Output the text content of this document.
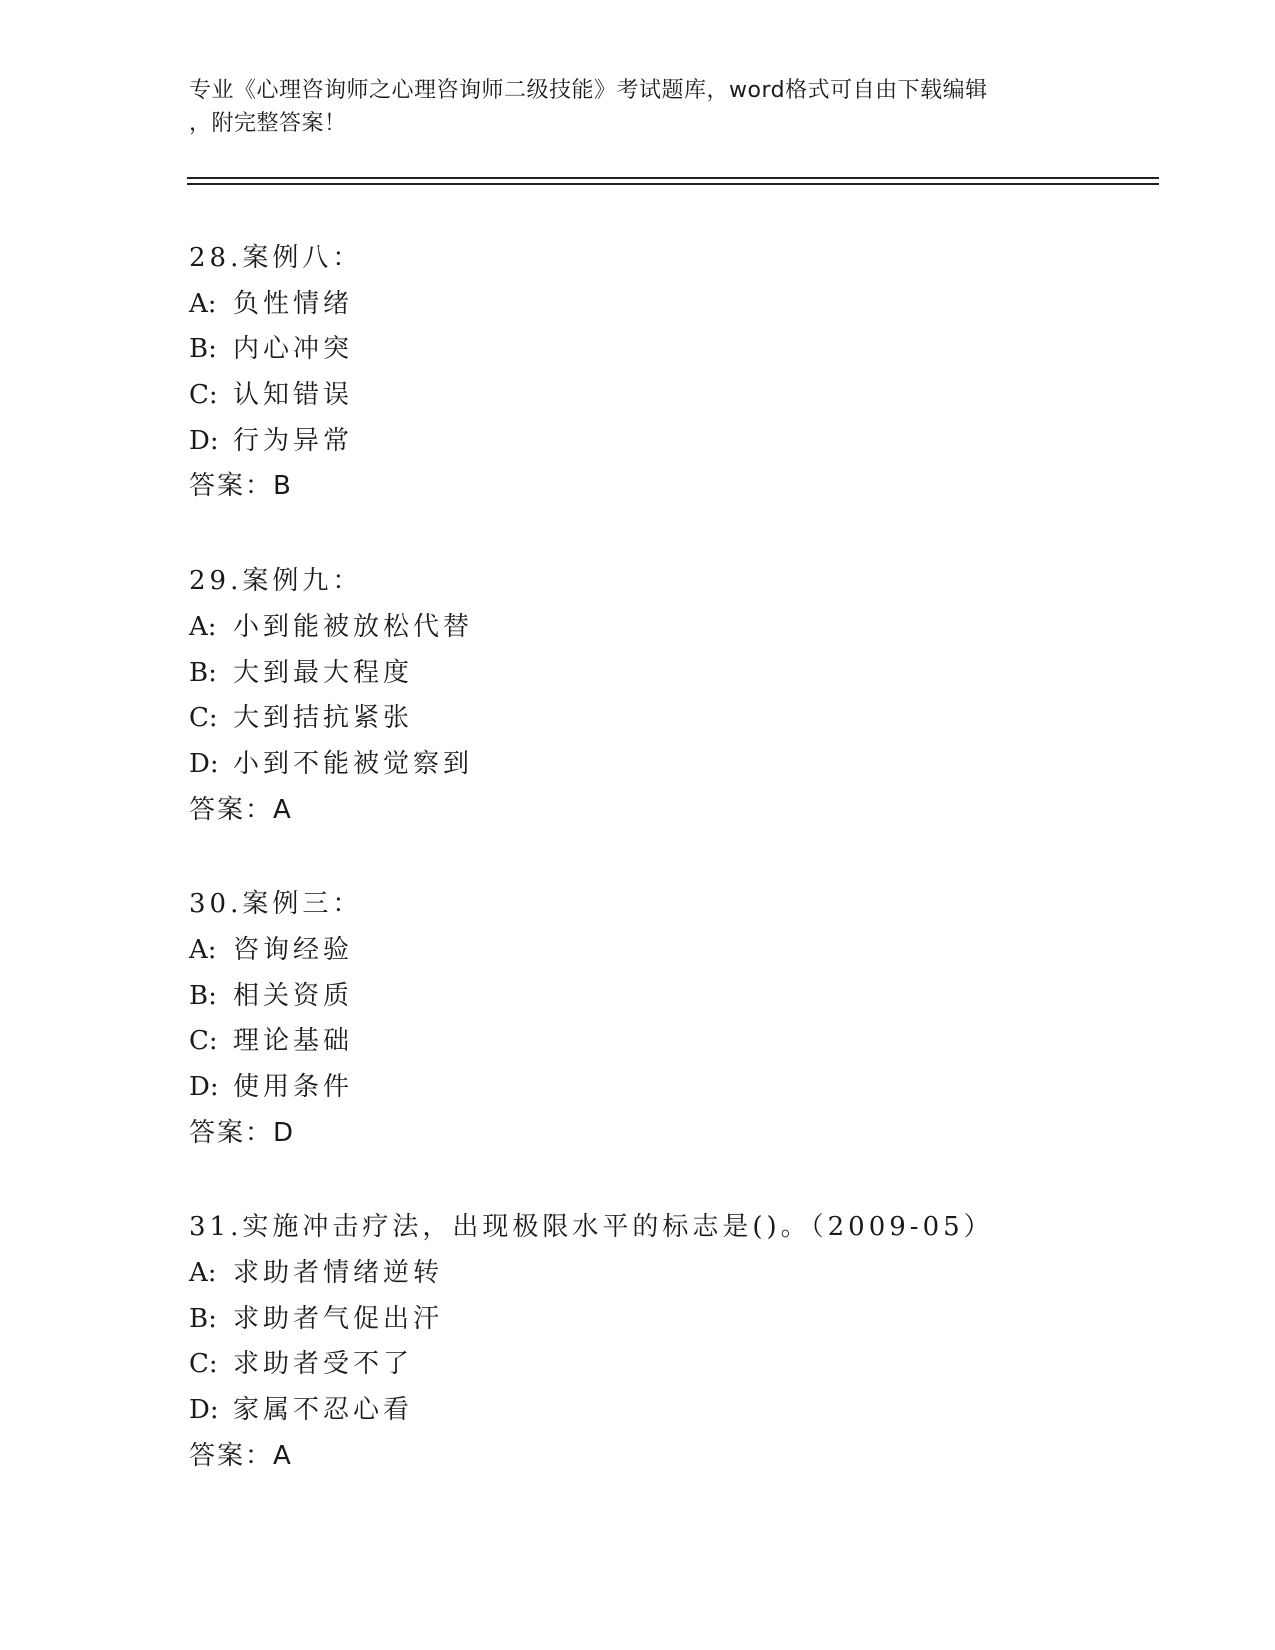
专业《心理咨询师之心理咨询师二级技能》考试题库，word格式可自由下载编辑
，附完整答案！
28.案例八：
A: 负性情绪
B: 内心冲突
C: 认知错误
D: 行为异常
答案：B
29.案例九：
A: 小到能被放松代替
B: 大到最大程度
C: 大到拮抗紧张
D: 小到不能被觉察到
答案：A
30.案例三：
A: 咨询经验
B: 相关资质
C: 理论基础
D: 使用条件
答案：D
31.实施冲击疗法，出现极限水平的标志是()。（2009-05）
A: 求助者情绪逆转
B: 求助者气促出汗
C: 求助者受不了
D: 家属不忍心看
答案：A
